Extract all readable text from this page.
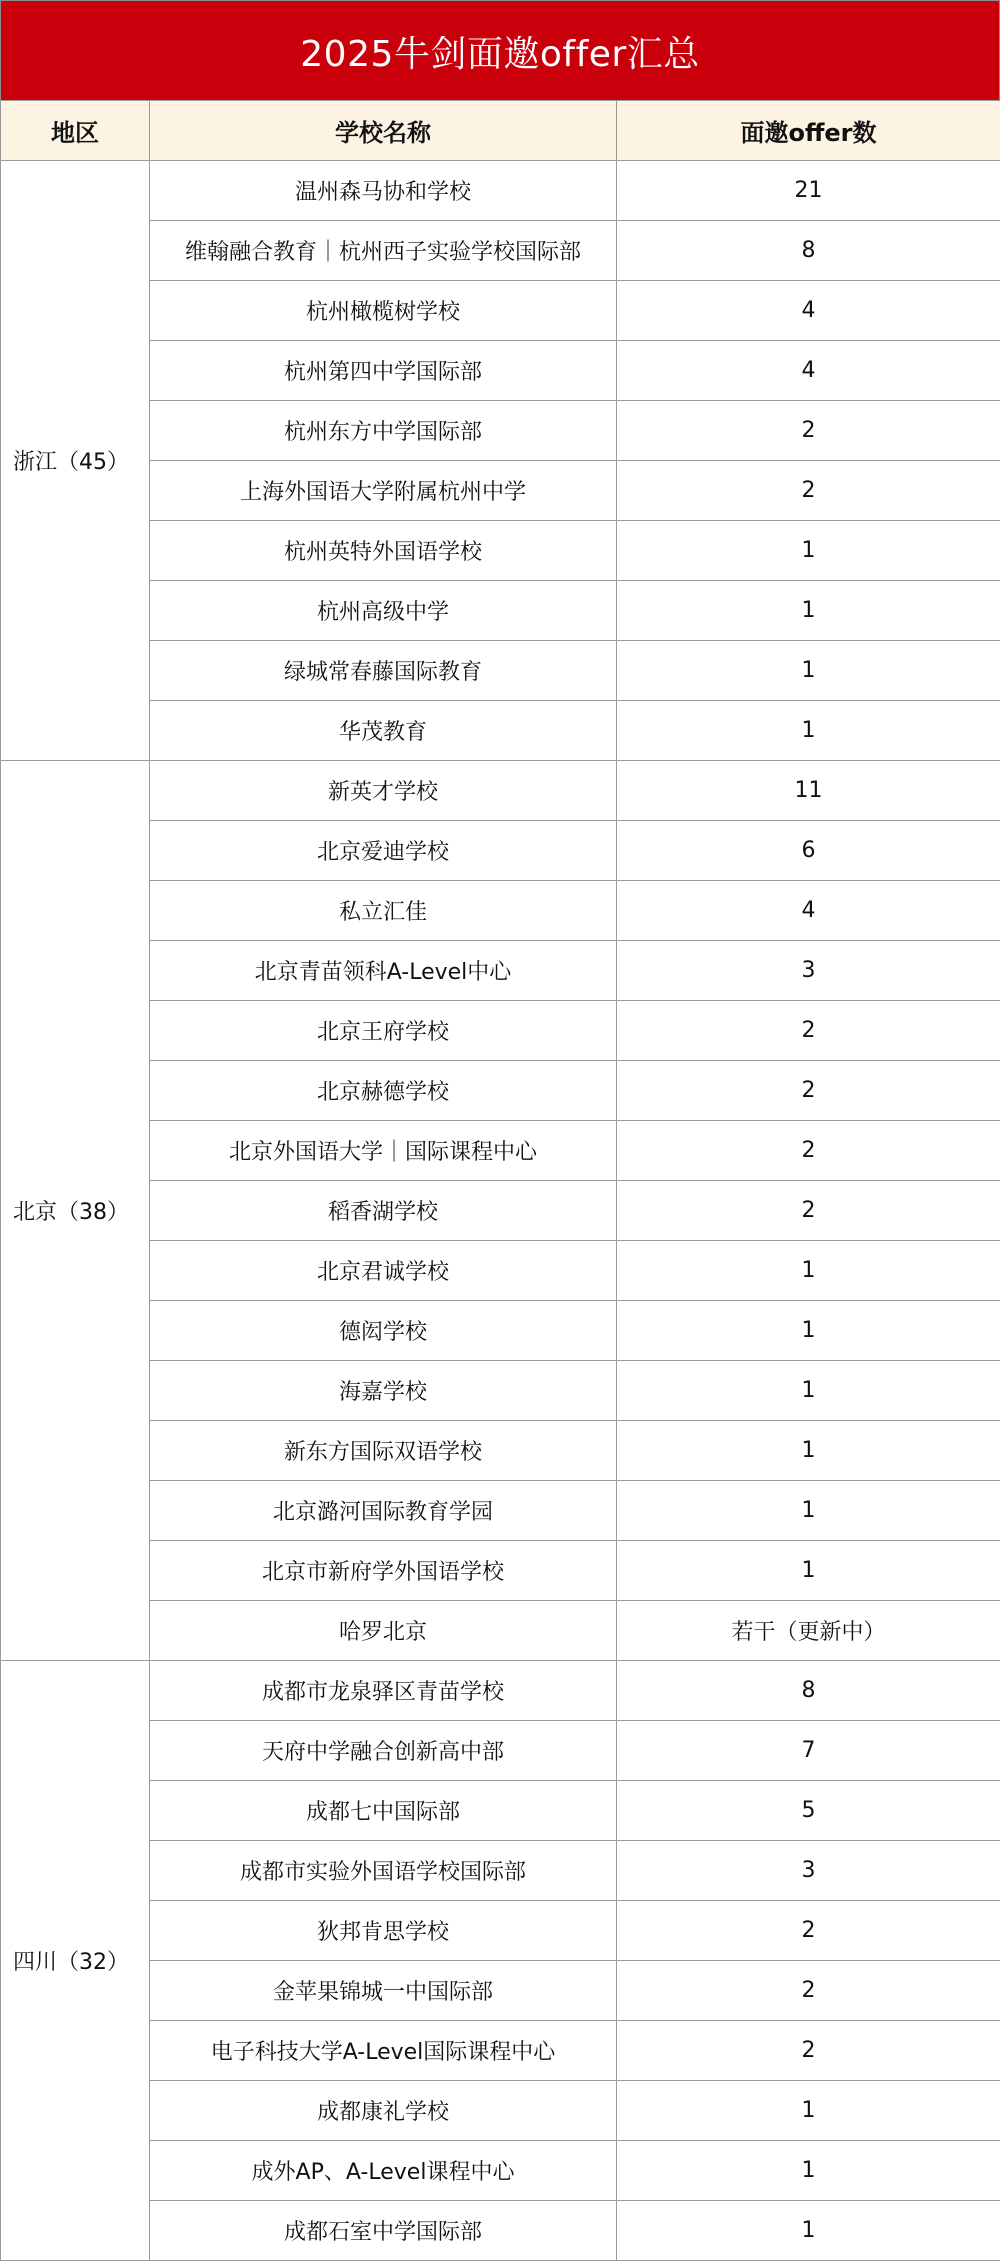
2025牛剑面邀offer汇总
地区	学校名称	面邀offer数
浙江（45）	温州森马协和学校	21
	维翰融合教育｜杭州西子实验学校国际部	8
	杭州橄榄树学校	4
	杭州第四中学国际部	4
	杭州东方中学国际部	2
	上海外国语大学附属杭州中学	2
	杭州英特外国语学校	1
	杭州高级中学	1
	绿城常春藤国际教育	1
	华茂教育	1
北京（38）	新英才学校	11
	北京爱迪学校	6
	私立汇佳	4
	北京青苗领科A-Level中心	3
	北京王府学校	2
	北京赫德学校	2
	北京外国语大学｜国际课程中心	2
	稻香湖学校	2
	北京君诚学校	1
	德闳学校	1
	海嘉学校	1
	新东方国际双语学校	1
	北京潞河国际教育学园	1
	北京市新府学外国语学校	1
	哈罗北京	若干（更新中）
四川（32）	成都市龙泉驿区青苗学校	8
	天府中学融合创新高中部	7
	成都七中国际部	5
	成都市实验外国语学校国际部	3
	狄邦肯思学校	2
	金苹果锦城一中国际部	2
	电子科技大学A-Level国际课程中心	2
	成都康礼学校	1
	成外AP、A-Level课程中心	1
	成都石室中学国际部	1
